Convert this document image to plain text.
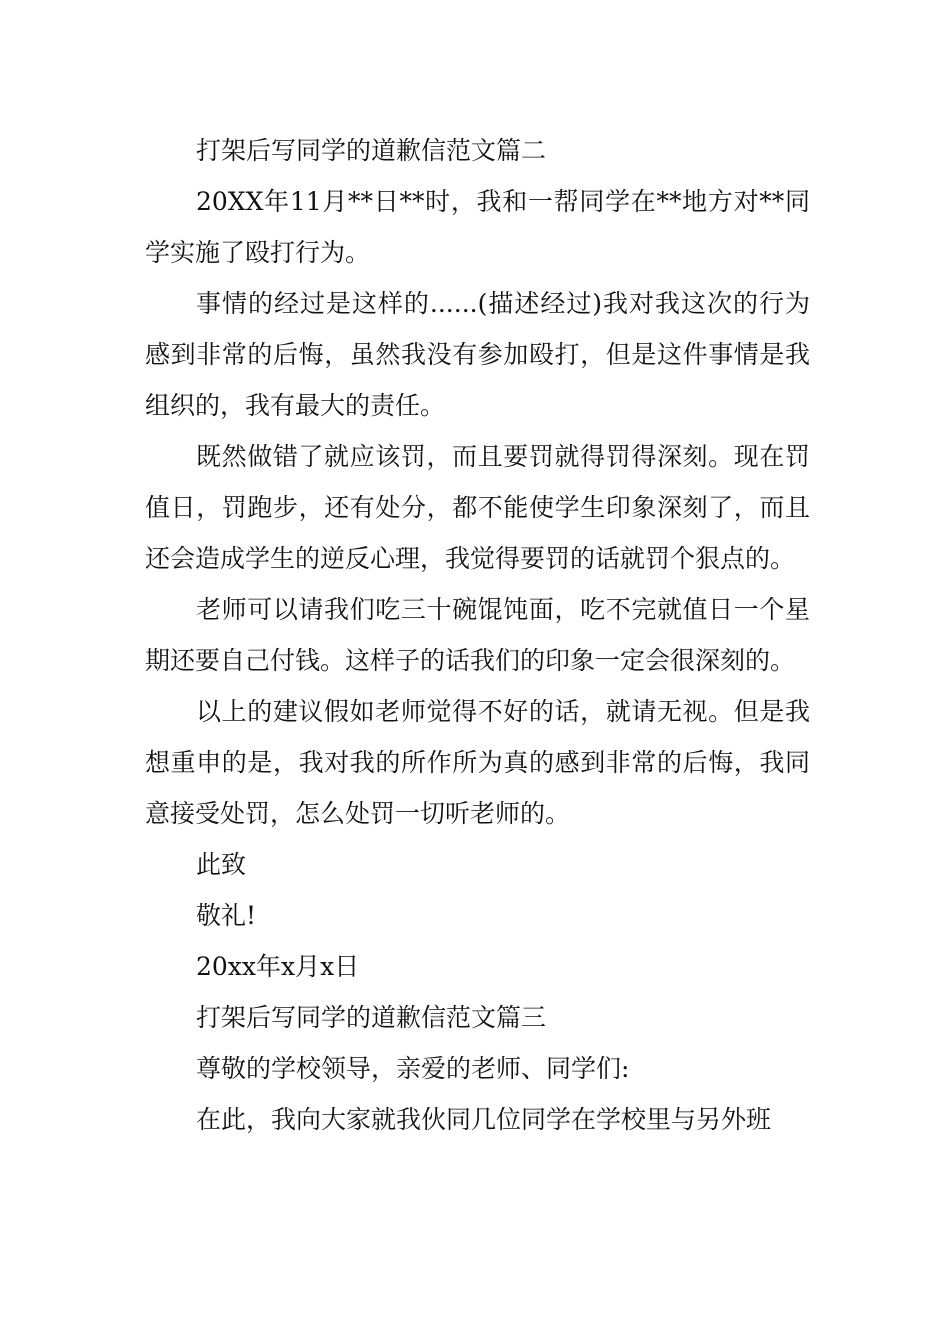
打架后写同学的道歉信范文篇二

20XX年11月**日**时，我和一帮同学在**地方对**同学实施了殴打行为。

事情的经过是这样的......(描述经过)我对我这次的行为感到非常的后悔，虽然我没有参加殴打，但是这件事情是我组织的，我有最大的责任。

既然做错了就应该罚，而且要罚就得罚得深刻。现在罚值日，罚跑步，还有处分，都不能使学生印象深刻了，而且还会造成学生的逆反心理，我觉得要罚的话就罚个狠点的。

老师可以请我们吃三十碗馄饨面，吃不完就值日一个星期还要自己付钱。这样子的话我们的印象一定会很深刻的。

以上的建议假如老师觉得不好的话，就请无视。但是我想重申的是，我对我的所作所为真的感到非常的后悔，我同意接受处罚，怎么处罚一切听老师的。

此致

敬礼!

20xx年x月x日

打架后写同学的道歉信范文篇三

尊敬的学校领导，亲爱的老师、同学们:

在此，我向大家就我伙同几位同学在学校里与另外班
